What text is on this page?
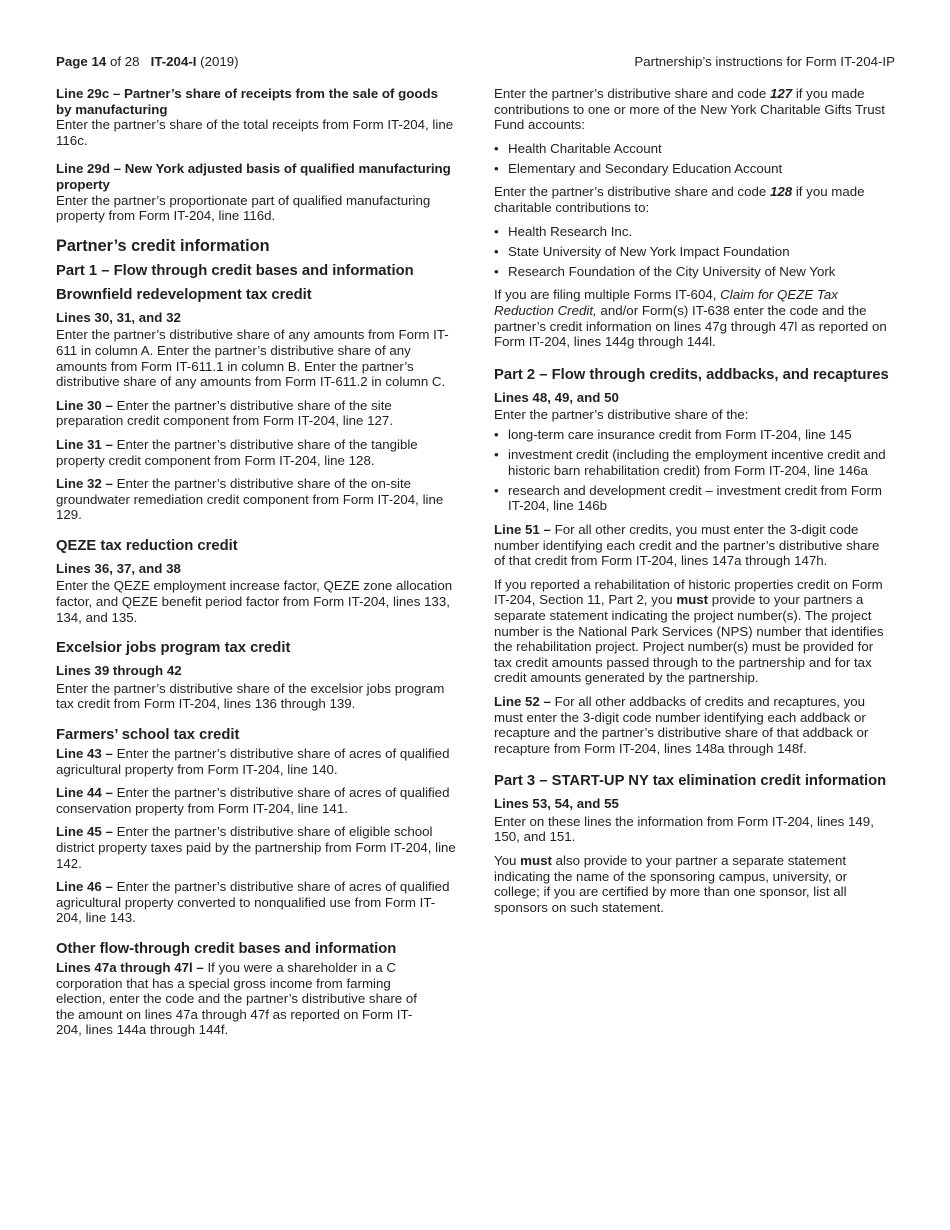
Page 14 of 28 IT-204-I (2019)	Partnership’s instructions for Form IT-204-IP

Line 29c – Partner’s share of receipts from the sale of goods by manufacturing

Enter the partner’s share of the total receipts from Form IT-204, line 116c.

Line 29d – New York adjusted basis of qualified manufacturing property

Enter the partner’s proportionate part of qualified manufacturing property from Form IT-204, line 116d.

Partner’s credit information
Part 1 – Flow through credit bases and information
Brownfield redevelopment tax credit

Lines 30, 31, and 32

Enter the partner’s distributive share of any amounts from Form IT-611 in column A. Enter the partner’s distributive share of any amounts from Form IT-611.1 in column B. Enter the partner’s distributive share of any amounts from Form IT-611.2 in column C.

Line 30 – Enter the partner’s distributive share of the site preparation credit component from Form IT-204, line 127.

Line 31 – Enter the partner’s distributive share of the tangible property credit component from Form IT-204, line 128.

Line 32 – Enter the partner’s distributive share of the on-site groundwater remediation credit component from Form IT-204, line 129.

QEZE tax reduction credit

Lines 36, 37, and 38

Enter the QEZE employment increase factor, QEZE zone allocation factor, and QEZE benefit period factor from Form IT-204, lines 133, 134, and 135.

Excelsior jobs program tax credit

Lines 39 through 42

Enter the partner’s distributive share of the excelsior jobs program tax credit from Form IT-204, lines 136 through 139.

Farmers’ school tax credit

Line 43 – Enter the partner’s distributive share of acres of qualified agricultural property from Form IT-204, line 140.

Line 44 – Enter the partner’s distributive share of acres of qualified conservation property from Form IT-204, line 141.

Line 45 – Enter the partner’s distributive share of eligible school district property taxes paid by the partnership from Form IT-204, line 142.

Line 46 – Enter the partner’s distributive share of acres of qualified agricultural property converted to nonqualified use from Form IT-204, line 143.

Other flow-through credit bases and information

Lines 47a through 47l – If you were a shareholder in a C corporation that has a special gross income from farming election, enter the code and the partner’s distributive share of the amount on lines 47a through 47f as reported on Form IT-204, lines 144a through 144f.

Enter the partner’s distributive share and code 127 if you made contributions to one or more of the New York Charitable Gifts Trust Fund accounts:

• Health Charitable Account
• Elementary and Secondary Education Account

Enter the partner’s distributive share and code 128 if you made charitable contributions to:

• Health Research Inc.
• State University of New York Impact Foundation
• Research Foundation of the City University of New York

If you are filing multiple Forms IT-604, Claim for QEZE Tax Reduction Credit, and/or Form(s) IT-638 enter the code and the partner’s credit information on lines 47g through 47l as reported on Form IT-204, lines 144g through 144l.

Part 2 – Flow through credits, addbacks, and recaptures

Lines 48, 49, and 50

Enter the partner’s distributive share of the:

• long-term care insurance credit from Form IT-204, line 145
• investment credit (including the employment incentive credit and historic barn rehabilitation credit) from Form IT-204, line 146a
• research and development credit – investment credit from Form IT-204, line 146b

Line 51 – For all other credits, you must enter the 3-digit code number identifying each credit and the partner’s distributive share of that credit from Form IT-204, lines 147a through 147h.

If you reported a rehabilitation of historic properties credit on Form IT-204, Section 11, Part 2, you must provide to your partners a separate statement indicating the project number(s). The project number is the National Park Services (NPS) number that identifies the rehabilitation project. Project number(s) must be provided for tax credit amounts passed through to the partnership and for tax credit amounts generated by the partnership.

Line 52 – For all other addbacks of credits and recaptures, you must enter the 3-digit code number identifying each addback or recapture and the partner’s distributive share of that addback or recapture from Form IT-204, lines 148a through 148f.

Part 3 – START-UP NY tax elimination credit information

Lines 53, 54, and 55

Enter on these lines the information from Form IT-204, lines 149, 150, and 151.

You must also provide to your partner a separate statement indicating the name of the sponsoring campus, university, or college; if you are certified by more than one sponsor, list all sponsors on such statement.
